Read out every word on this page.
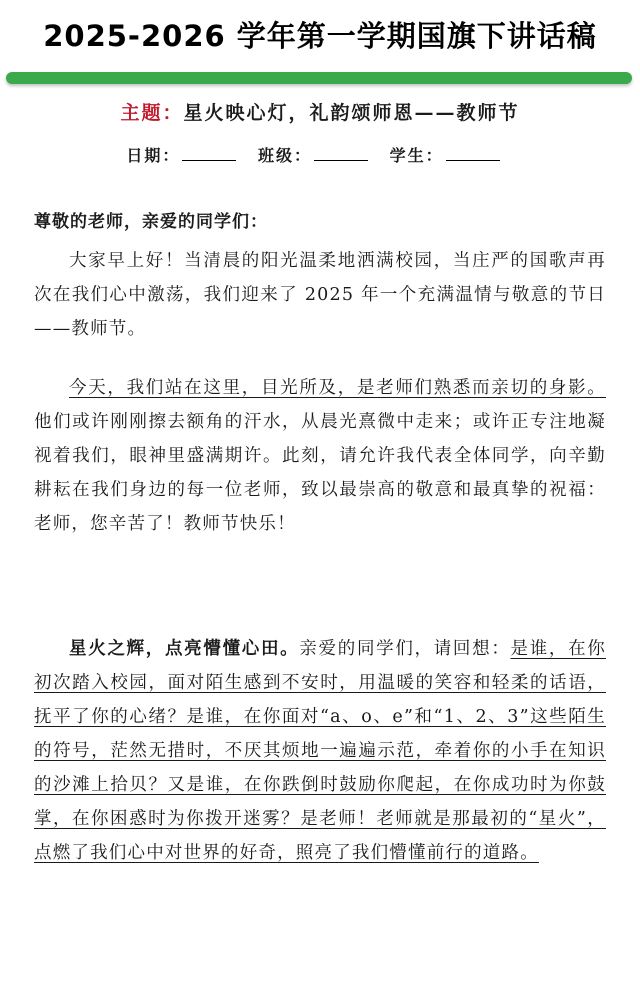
2025-2026 学年第一学期国旗下讲话稿
主题：星火映心灯，礼韵颂师恩——教师节
日期：	班级：	学生：
尊敬的老师，亲爱的同学们：

大家早上好！当清晨的阳光温柔地洒满校园，当庄严的国歌声再次在我们心中激荡，我们迎来了 2025 年一个充满温情与敬意的节日——教师节。

今天，我们站在这里，目光所及，是老师们熟悉而亲切的身影。他们或许刚刚擦去额角的汗水，从晨光熹微中走来；或许正专注地凝视着我们，眼神里盛满期许。此刻，请允许我代表全体同学，向辛勤耕耘在我们身边的每一位老师，致以最崇高的敬意和最真挚的祝福：老师，您辛苦了！教师节快乐！

星火之辉，点亮懵懂心田。亲爱的同学们，请回想：是谁，在你初次踏入校园，面对陌生感到不安时，用温暖的笑容和轻柔的话语，抚平了你的心绪？是谁，在你面对“a、o、e”和“1、2、3”这些陌生的符号，茫然无措时，不厌其烦地一遍遍示范，牵着你的小手在知识的沙滩上拾贝？又是谁，在你跌倒时鼓励你爬起，在你成功时为你鼓掌，在你困惑时为你拨开迷雾？是老师！老师就是那最初的“星火”，点燃了我们心中对世界的好奇，照亮了我们懵懂前行的道路。
